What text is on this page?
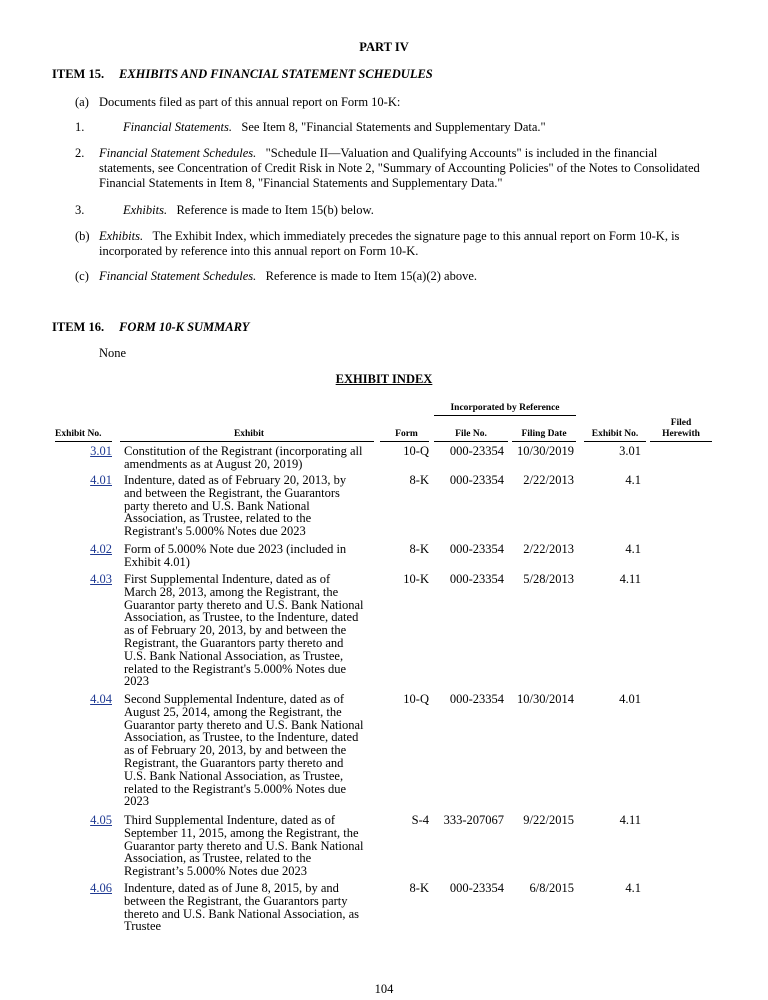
PART IV
ITEM 15. EXHIBITS AND FINANCIAL STATEMENT SCHEDULES
(a) Documents filed as part of this annual report on Form 10-K:
1.	Financial Statements. See Item 8, "Financial Statements and Supplementary Data."
2. Financial Statement Schedules. "Schedule II—Valuation and Qualifying Accounts" is included in the financial statements, see Concentration of Credit Risk in Note 2, "Summary of Accounting Policies" of the Notes to Consolidated Financial Statements in Item 8, "Financial Statements and Supplementary Data."
3.	Exhibits. Reference is made to Item 15(b) below.
(b) Exhibits. The Exhibit Index, which immediately precedes the signature page to this annual report on Form 10-K, is incorporated by reference into this annual report on Form 10-K.
(c) Financial Statement Schedules. Reference is made to Item 15(a)(2) above.
ITEM 16. FORM 10-K SUMMARY
None
EXHIBIT INDEX
Incorporated by Reference
Exhibit No.	Exhibit	Form	File No.	Filing Date	Exhibit No.
Filed
Herewith
3.01 Constitution of the Registrant (incorporating all
amendments as at August 20, 2019)
10-Q	000-23354	10/30/2019	3.01
4.01 Indenture, dated as of February 20, 2013, by
and between the Registrant, the Guarantors
party thereto and U.S. Bank National
Association, as Trustee, related to the
Registrant's 5.000% Notes due 2023
8-K	000-23354	2/22/2013	4.1
4.02 Form of 5.000% Note due 2023 (included in
Exhibit 4.01)
8-K	000-23354	2/22/2013	4.1
4.03 First Supplemental Indenture, dated as of
March 28, 2013, among the Registrant, the
Guarantor party thereto and U.S. Bank National
Association, as Trustee, to the Indenture, dated
as of February 20, 2013, by and between the
Registrant, the Guarantors party thereto and
U.S. Bank National Association, as Trustee,
related to the Registrant's 5.000% Notes due
2023
10-K	000-23354	5/28/2013	4.11
4.04 Second Supplemental Indenture, dated as of
August 25, 2014, among the Registrant, the
Guarantor party thereto and U.S. Bank National
Association, as Trustee, to the Indenture, dated
as of February 20, 2013, by and between the
Registrant, the Guarantors party thereto and
U.S. Bank National Association, as Trustee,
related to the Registrant's 5.000% Notes due
2023
10-Q	000-23354	10/30/2014	4.01
4.05 Third Supplemental Indenture, dated as of
September 11, 2015, among the Registrant, the
Guarantor party thereto and U.S. Bank National
Association, as Trustee, related to the
Registrant’s 5.000% Notes due 2023
S-4	333-207067	9/22/2015	4.11
4.06 Indenture, dated as of June 8, 2015, by and
between the Registrant, the Guarantors party
thereto and U.S. Bank National Association, as
Trustee
8-K	000-23354	6/8/2015	4.1
104
